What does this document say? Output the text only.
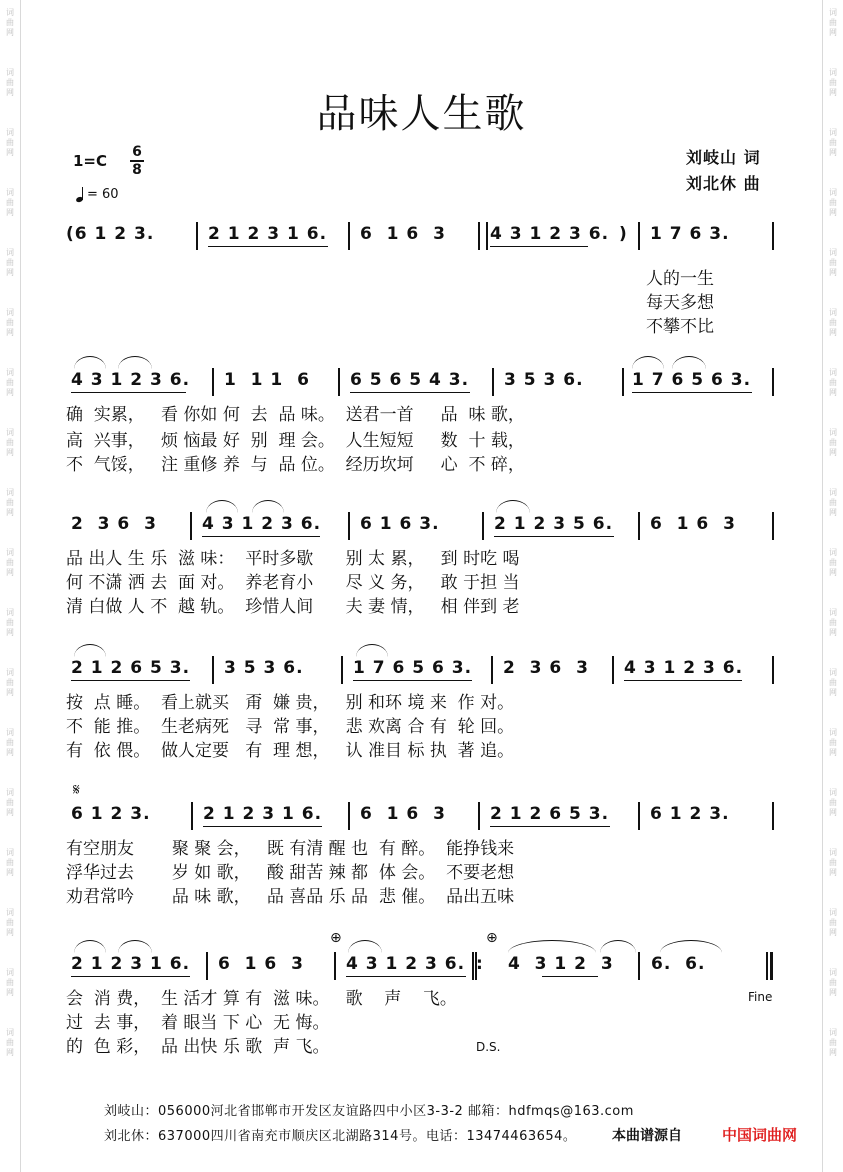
词
曲
网
词
曲
网
词
曲
网
词
曲
网
词
曲
网
词
曲
网
词
曲
网
词
曲
网
词
曲
网
词
曲
网
词
曲
网
词
曲
网
词
曲
网
词
曲
网
词
曲
网
词
曲
网
词
曲
网
词
曲
网
词
曲
网
词
曲
网
词
曲
网
词
曲
网
词
曲
网
词
曲
网
词
曲
网
词
曲
网
词
曲
网
词
曲
网
词
曲
网
词
曲
网
词
曲
网
词
曲
网
词
曲
网
词
曲
网
词
曲
网
词
曲
网
品味人生歌
1=C 6
8
= 60
刘岐山 词
刘北休 曲
(6 1 2 3.	2 1 2 3 1 6. 6  1 6  3	4 3 1 2 3 6. ) 1 7 6 3.
人的一生
每天多想
不攀不比
4 3 1 2 3 6. 1  1 1  6 6 5 6 5 4 3. 3 5 3 6.	1 7 6 5 6 3.
确  实累，   看 你如 何  去  品 味。  送君一首     品  味 歌，
高  兴事，   烦 恼最 好  别  理 会。  人生短短     数  十 载，
不  气馁，   注 重修 养  与  品 位。  经历坎坷     心  不 碎，
2  3 6  3	4 3 1 2 3 6. 6 1 6 3.	2 1 2 3 5 6. 6  1 6  3
品 出人 生 乐  滋 味：  平时多歇      别 太 累，   到 时吃 喝
何 不潇 洒 去  面 对。  养老育小      尽 义 务，   敢 于担 当
清 白做 人 不  越 轨。  珍惜人间      夫 妻 情，   相 伴到 老
2 1 2 6 5 3. 3 5 3 6.	1 7 6 5 6 3. 2  3 6  3 4 3 1 2 3 6.
按  点 睡。  看上就买   甭  嫌 贵，   别 和环 境 来  作 对。
不  能 推。  生老病死   寻  常 事，   悲 欢离 合 有  轮 回。
有  依 偎。  做人定要   有  理 想，   认 准目 标 执  著 追。
6 1 2 3.	2 1 2 3 1 6. 6  1 6  3	2 1 2 6 5 3. 6 1 2 3.
有空朋友       聚 聚 会，   既 有清 醒 也  有 醉。  能挣钱来
浮华过去       岁 如 歌，   酸 甜苦 辣 都  体 会。  不要老想
劝君常吟       品 味 歌，   品 喜品 乐 品  悲 催。  品出五味
2 1 2 3 1 6. 6  1 6  3 4 3 1 2 3 6. : 4  3 1 2  3 6.  6.
会  消 费，  生 活才 算 有  滋 味。   歌    声    飞。
过  去 事，  着 眼当 下 心  无 悔。
的  色 彩，  品 出快 乐 歌  声 飞。
𝄋
⊕	⊕
Fine
D.S.
刘岐山：056000河北省邯郸市开发区友谊路四中小区3-3-2 邮箱：hdfmqs@163.com
刘北休：637000四川省南充市顺庆区北湖路314号。电话：13474463654。	本曲谱源自	中国词曲网
